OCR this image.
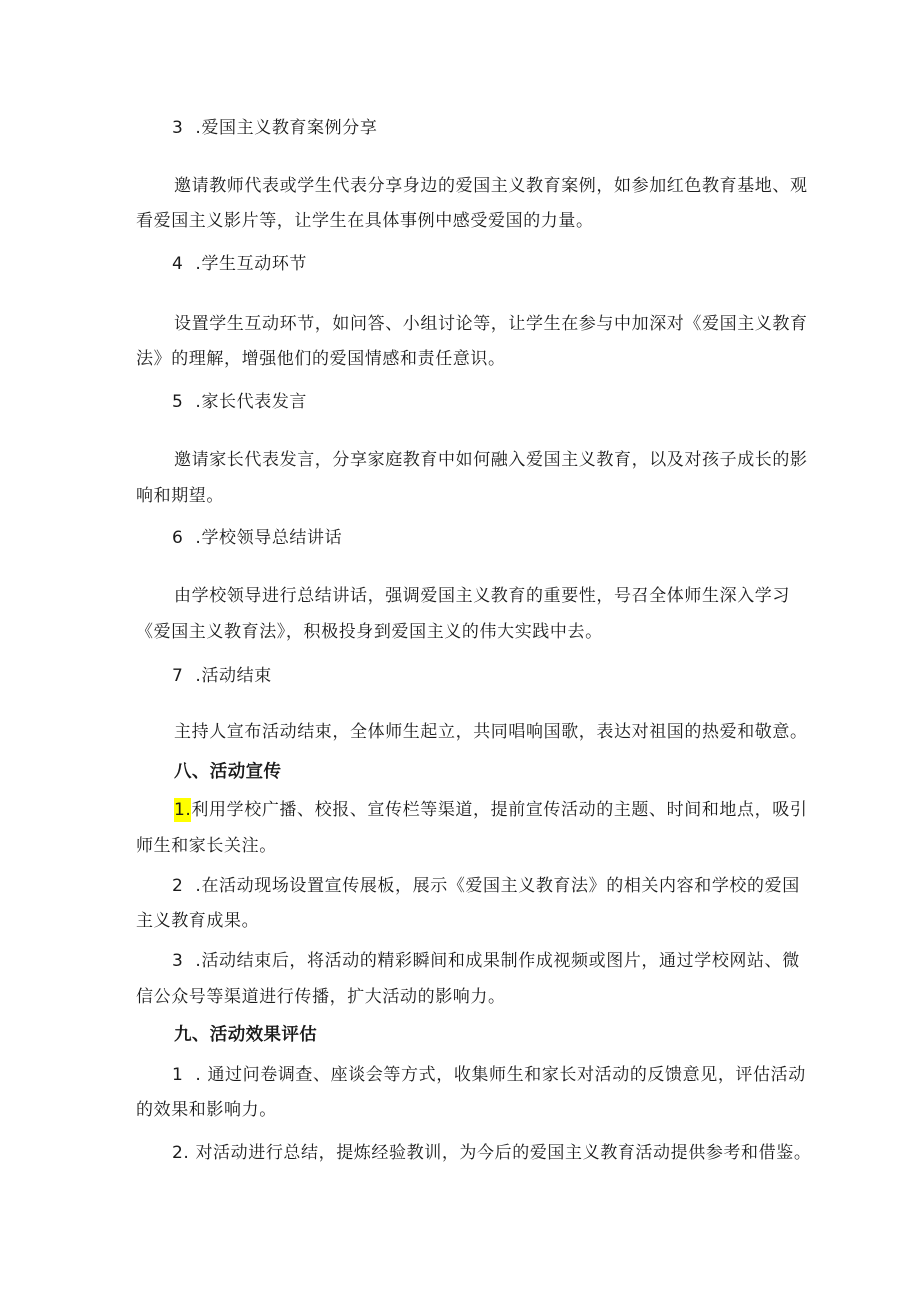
3  .爱国主义教育案例分享
邀请教师代表或学生代表分享身边的爱国主义教育案例，如参加红色教育基地、观
看爱国主义影片等，让学生在具体事例中感受爱国的力量。
4  .学生互动环节
设置学生互动环节，如问答、小组讨论等，让学生在参与中加深对《爱国主义教育
法》的理解，增强他们的爱国情感和责任意识。
5  .家长代表发言
邀请家长代表发言，分享家庭教育中如何融入爱国主义教育，以及对孩子成长的影
响和期望。
6  .学校领导总结讲话
由学校领导进行总结讲话，强调爱国主义教育的重要性，号召全体师生深入学习
《爱国主义教育法》，积极投身到爱国主义的伟大实践中去。
7  .活动结束
主持人宣布活动结束，全体师生起立，共同唱响国歌，表达对祖国的热爱和敬意。
八、活动宣传
1.利用学校广播、校报、宣传栏等渠道，提前宣传活动的主题、时间和地点，吸引
师生和家长关注。
2  .在活动现场设置宣传展板，展示《爱国主义教育法》的相关内容和学校的爱国
主义教育成果。
3  .活动结束后，将活动的精彩瞬间和成果制作成视频或图片，通过学校网站、微
信公众号等渠道进行传播，扩大活动的影响力。
九、活动效果评估
1  . 通过问卷调查、座谈会等方式，收集师生和家长对活动的反馈意见，评估活动
的效果和影响力。
2. 对活动进行总结，提炼经验教训，为今后的爱国主义教育活动提供参考和借鉴。
